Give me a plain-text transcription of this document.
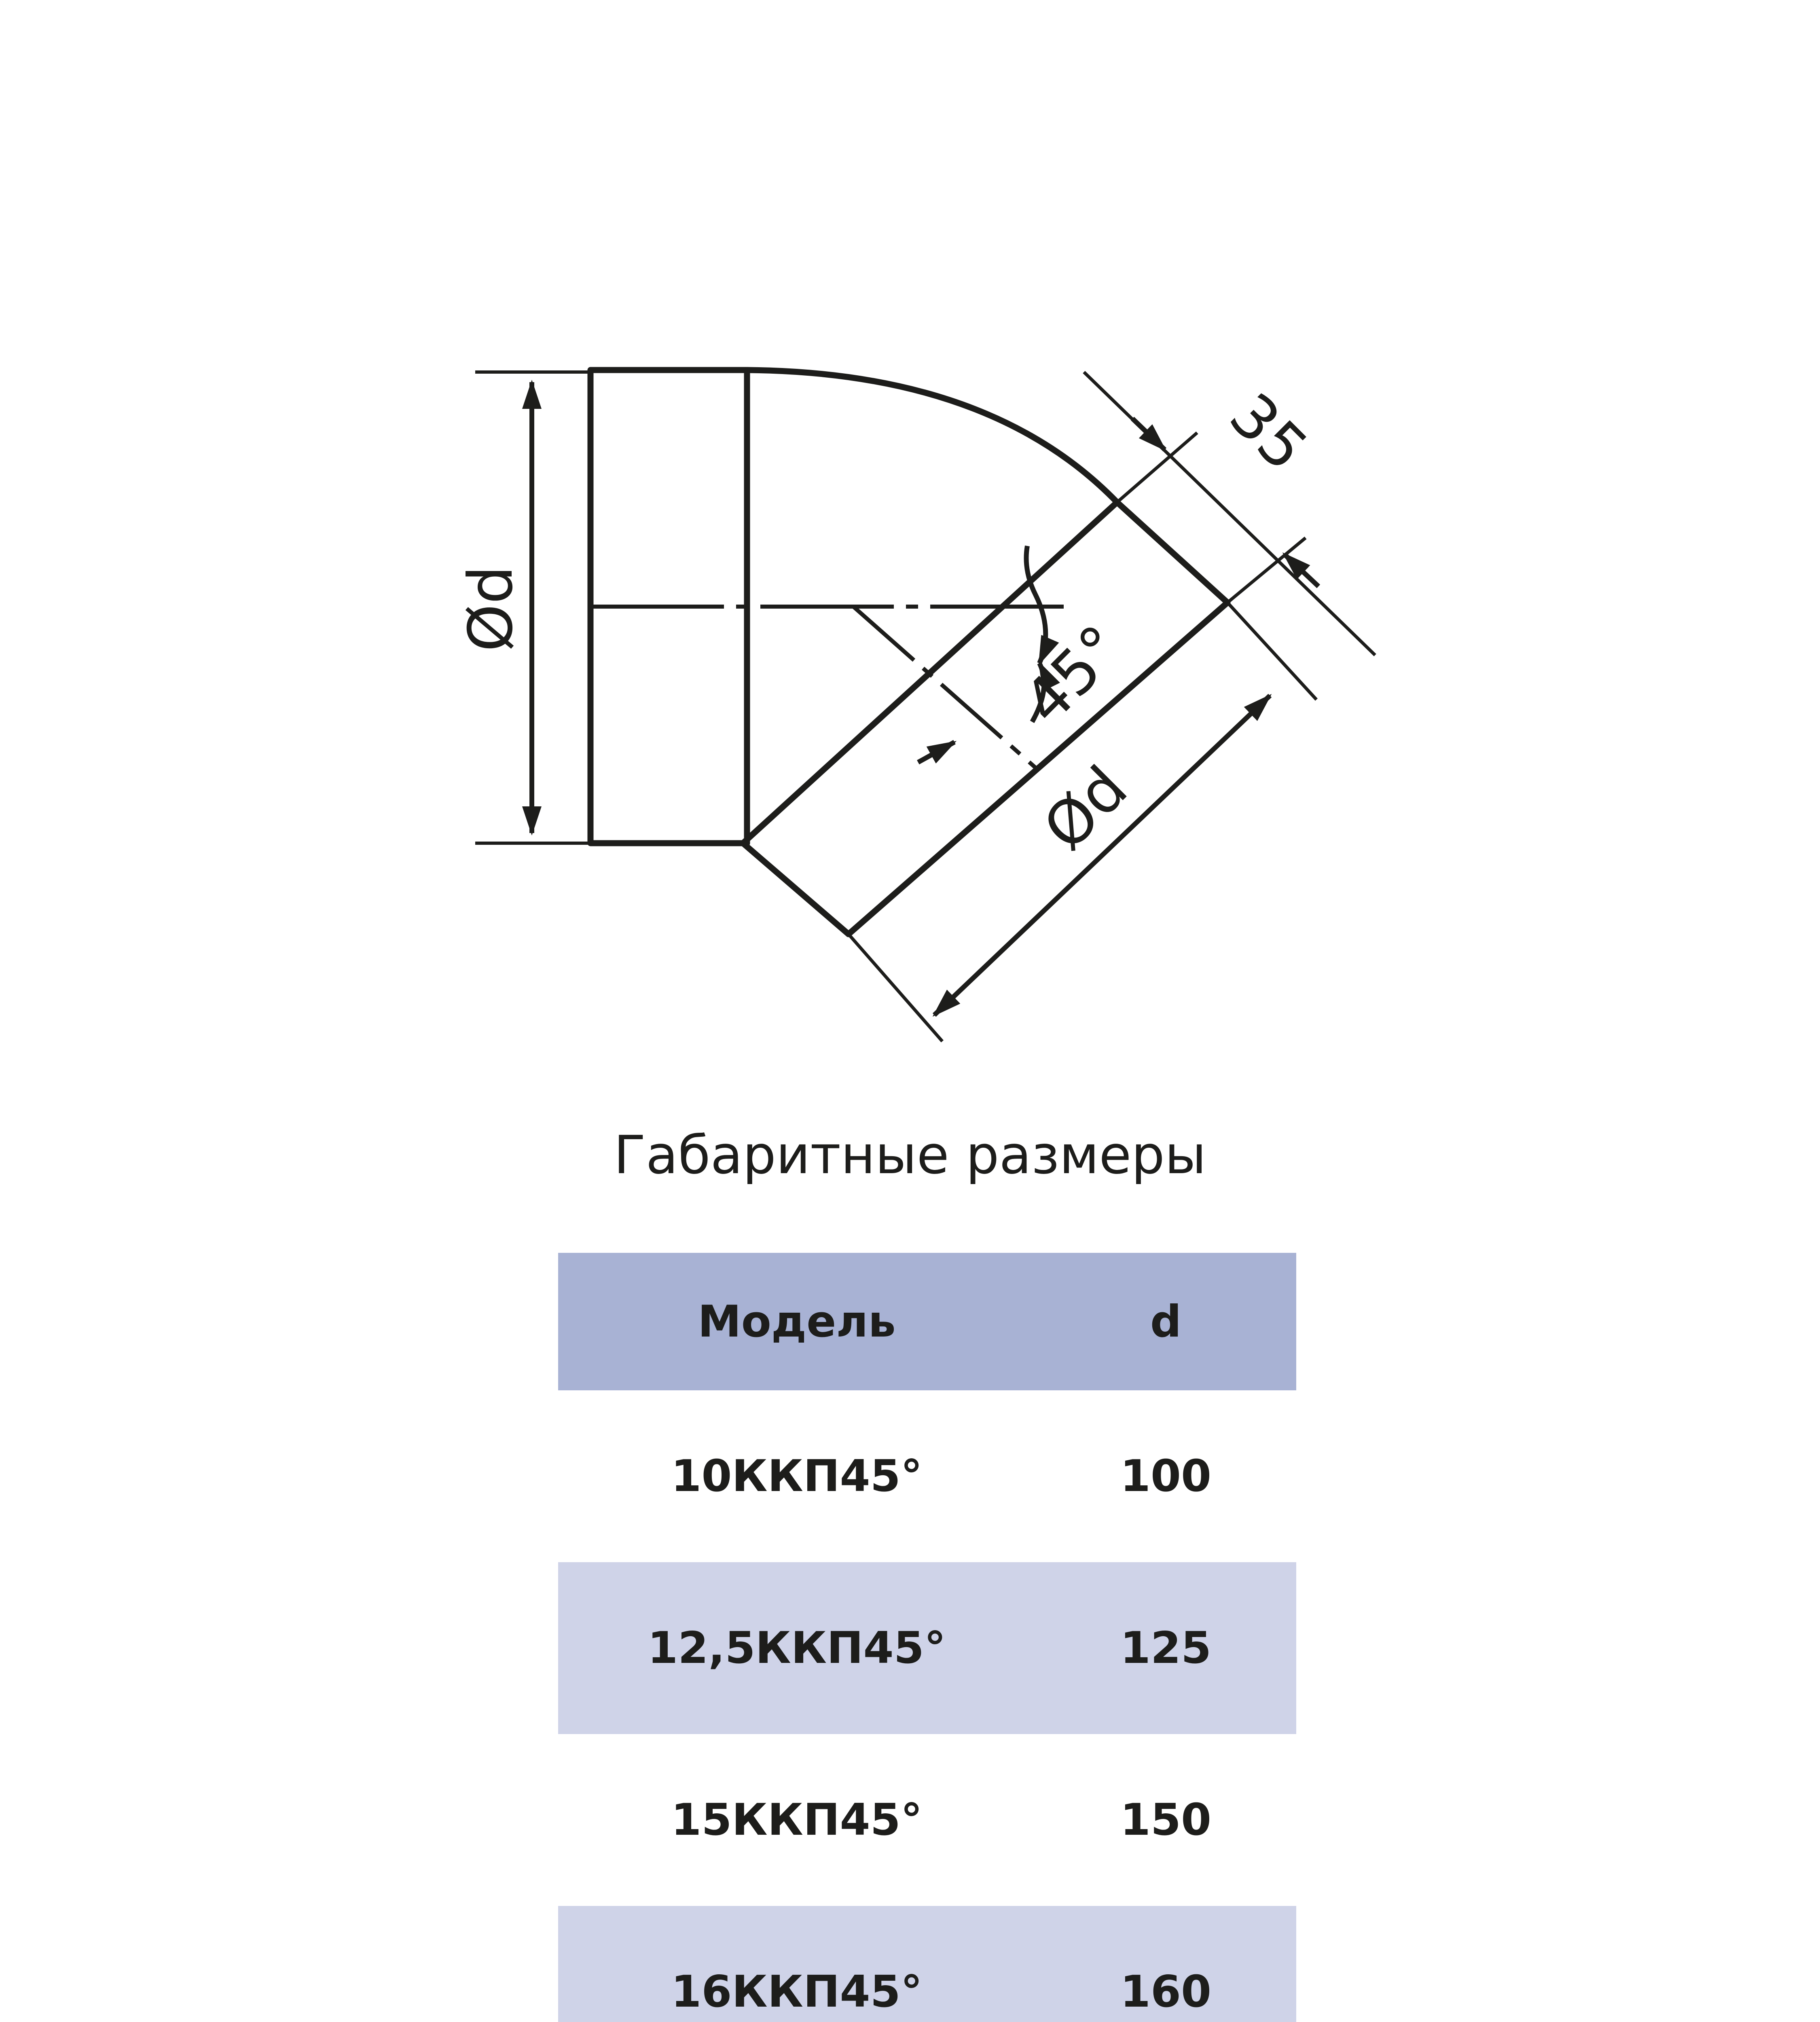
Ød
35
45°
Ød
Габаритные размеры
Модель	d
10ККП45°	100
12,5ККП45°	125
15ККП45°	150
16ККП45°	160
